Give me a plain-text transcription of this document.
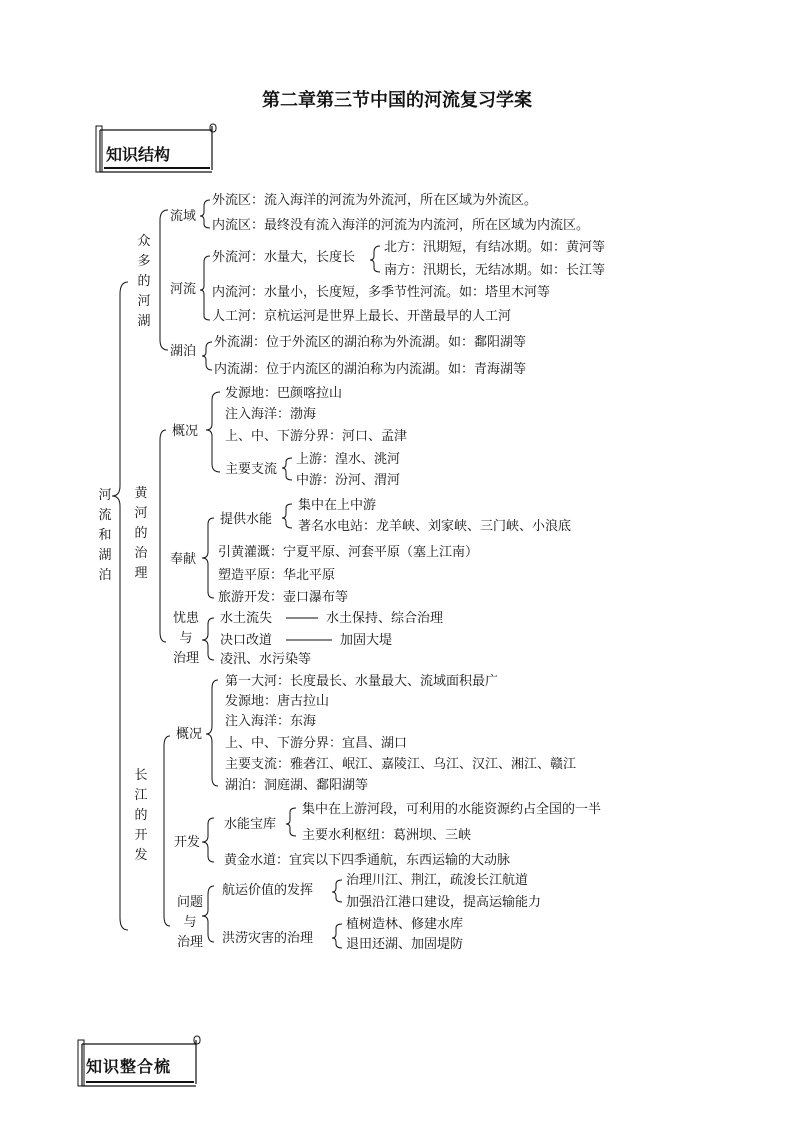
第二章第三节中国的河流复习学案
知识结构
知识整合梳
河
流
和
湖
泊
众
多
的
河
湖
流域
外流区：流入海洋的河流为外流河，所在区域为外流区。
内流区：最终没有流入海洋的河流为内流河，所在区域为内流区。
河流
外流河：水量大，长度长
北方：汛期短，有结冰期。如：黄河等
南方：汛期长，无结冰期。如：长江等
内流河：水量小，长度短，多季节性河流。如：塔里木河等
人工河：京杭运河是世界上最长、开凿最早的人工河
湖泊
外流湖：位于外流区的湖泊称为外流湖。如：鄱阳湖等
内流湖：位于内流区的湖泊称为内流湖。如：青海湖等
黄
河
的
治
理
概况
发源地：巴颜喀拉山
注入海洋：渤海
上、中、下游分界：河口、孟津
主要支流
上游：湟水、洮河
中游：汾河、渭河
奉献
提供水能
集中在上中游
著名水电站：龙羊峡、刘家峡、三门峡、小浪底
引黄灌溉：宁夏平原、河套平原（塞上江南）
塑造平原：华北平原
旅游开发：壶口瀑布等
忧患
与
治理
水土流失	水土保持、综合治理
决口改道	加固大堤
凌汛、水污染等
长
江
的
开
发
概况
第一大河：长度最长、水量最大、流域面积最广
发源地：唐古拉山
注入海洋：东海
上、中、下游分界：宜昌、湖口
主要支流：雅砻江、岷江、嘉陵江、乌江、汉江、湘江、赣江
湖泊：洞庭湖、鄱阳湖等
开发
水能宝库
集中在上游河段，可利用的水能资源约占全国的一半
主要水利枢纽：葛洲坝、三峡
黄金水道：宜宾以下四季通航，东西运输的大动脉
问题
与
治理
航运价值的发挥
治理川江、荆江，疏浚长江航道
加强沿江港口建设，提高运输能力
洪涝灾害的治理
植树造林、修建水库
退田还湖、加固堤防
